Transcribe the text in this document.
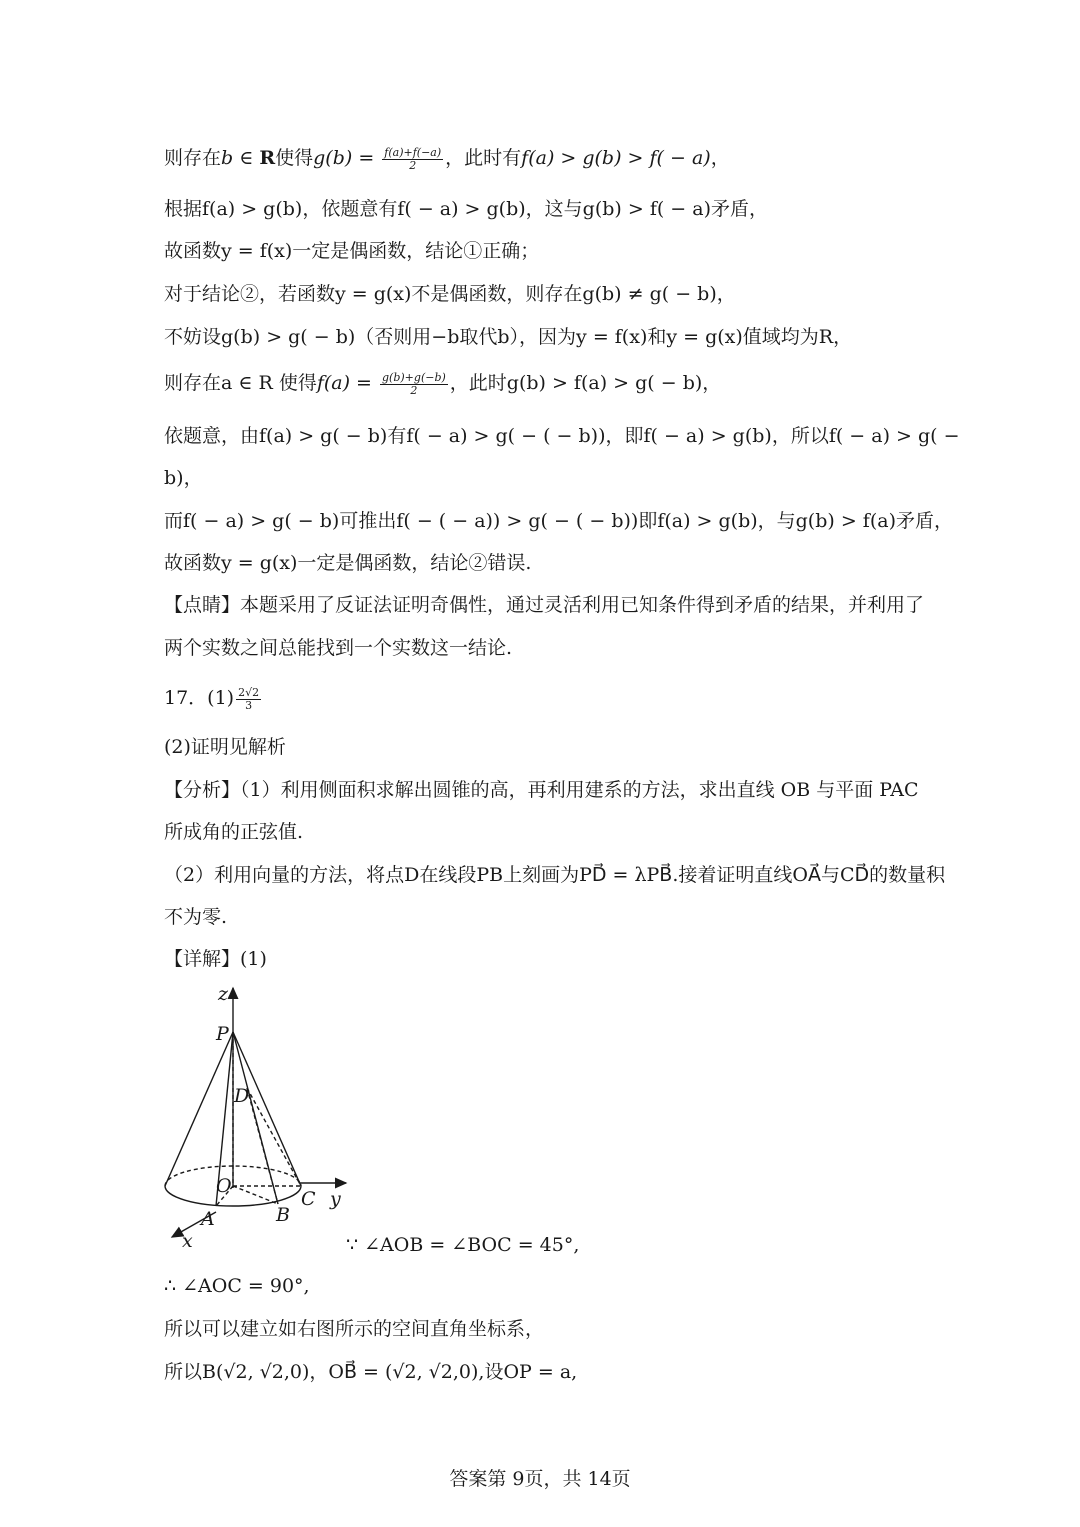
则存在b ∈ R使得$g(b) = \frac{f(a)+f(-a)}{2}$ ，此时有f(a) > g(b) > f( − a)，
根据f(a) > g(b)，依题意有f( − a) > g(b)，这与g(b) > f( − a)矛盾，
故函数y = f(x)一定是偶函数，结论①正确；
对于结论②，若函数y = g(x)不是偶函数，则存在g(b) ≠ g( − b)，
不妨设g(b) > g( − b)（否则用−b取代b），因为y = f(x)和y = g(x)值域均为R，
则存在a ∈ R 使得$f(a) = \frac{g(b)+g(-b)}{2}$ ，此时g(b) > f(a) > g( − b)，
依题意，由f(a) > g( − b)有f( − a) > g( − ( − b))，即f( − a) > g(b)，所以f( − a) > g( −
b)，
而f( − a) > g( − b)可推出f( − ( − a)) > g( − ( − b))即f(a) > g(b)，与g(b) > f(a)矛盾，
故函数y = g(x)一定是偶函数，结论②错误.
【点睛】本题采用了反证法证明奇偶性，通过灵活利用已知条件得到矛盾的结果，并利用了
两个实数之间总能找到一个实数这一结论.
17．$(1) \frac{2√2}{3}$
(2)证明见解析
【分析】（1）利用侧面积求解出圆锥的高，再利用建系的方法，求出直线 OB 与平面 PAC
所成角的正弦值.
（2）利用向量的方法，将点D在线段PB上刻画为PD⃗ = λPB⃗.接着证明直线OA⃗与CD⃗的数量积
不为零.
【详解】(1)
z
P
D
O
C y
A	B
x	∵ ∠AOB = ∠BOC = 45°,
∴ ∠AOC = 90°,
所以可以建立如右图所示的空间直角坐标系，
所以B(√2, √2,0)，OB⃗ = (√2, √2,0),设OP = a,
答案第 9页，共 14页
